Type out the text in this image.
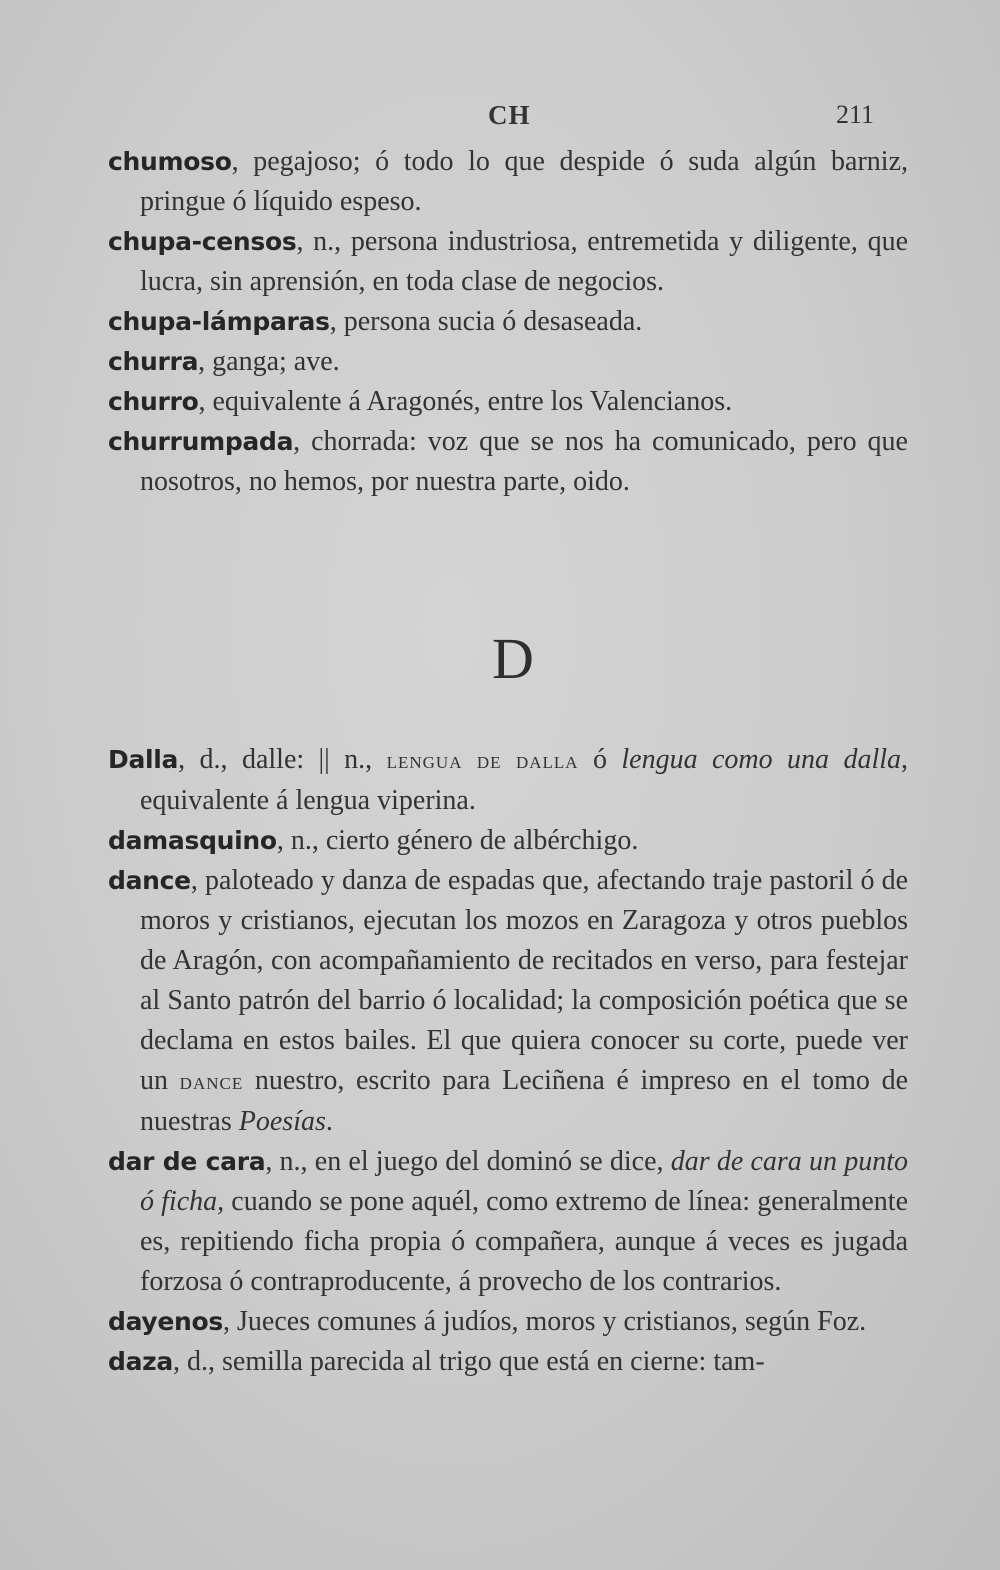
CH	211

chumoso, pegajoso; ó todo lo que despide ó suda algún barniz, pringue ó líquido espeso.

chupa-censos, n., persona industriosa, entremetida y diligente, que lucra, sin aprensión, en toda clase de negocios.

chupa-lámparas, persona sucia ó desaseada.

churra, ganga; ave.

churro, equivalente á Aragonés, entre los Valencianos.

churrumpada, chorrada: voz que se nos ha comunicado, pero que nosotros, no hemos, por nuestra parte, oido.

D

Dalla, d., dalle: || n., lengua de dalla ó lengua como una dalla, equivalente á lengua viperina.

damasquino, n., cierto género de albérchigo.

dance, paloteado y danza de espadas que, afectando traje pastoril ó de moros y cristianos, ejecutan los mozos en Zaragoza y otros pueblos de Aragón, con acompañamiento de recitados en verso, para festejar al Santo patrón del barrio ó localidad; la composición poética que se declama en estos bailes. El que quiera conocer su corte, puede ver un dance nuestro, escrito para Leciñena é impreso en el tomo de nuestras Poesías.

dar de cara, n., en el juego del dominó se dice, dar de cara un punto ó ficha, cuando se pone aquél, como extremo de línea: generalmente es, repitiendo ficha propia ó compañera, aunque á veces es jugada forzosa ó contraproducente, á provecho de los contrarios.

dayenos, Jueces comunes á judíos, moros y cristianos, según Foz.

daza, d., semilla parecida al trigo que está en cierne: tam-
